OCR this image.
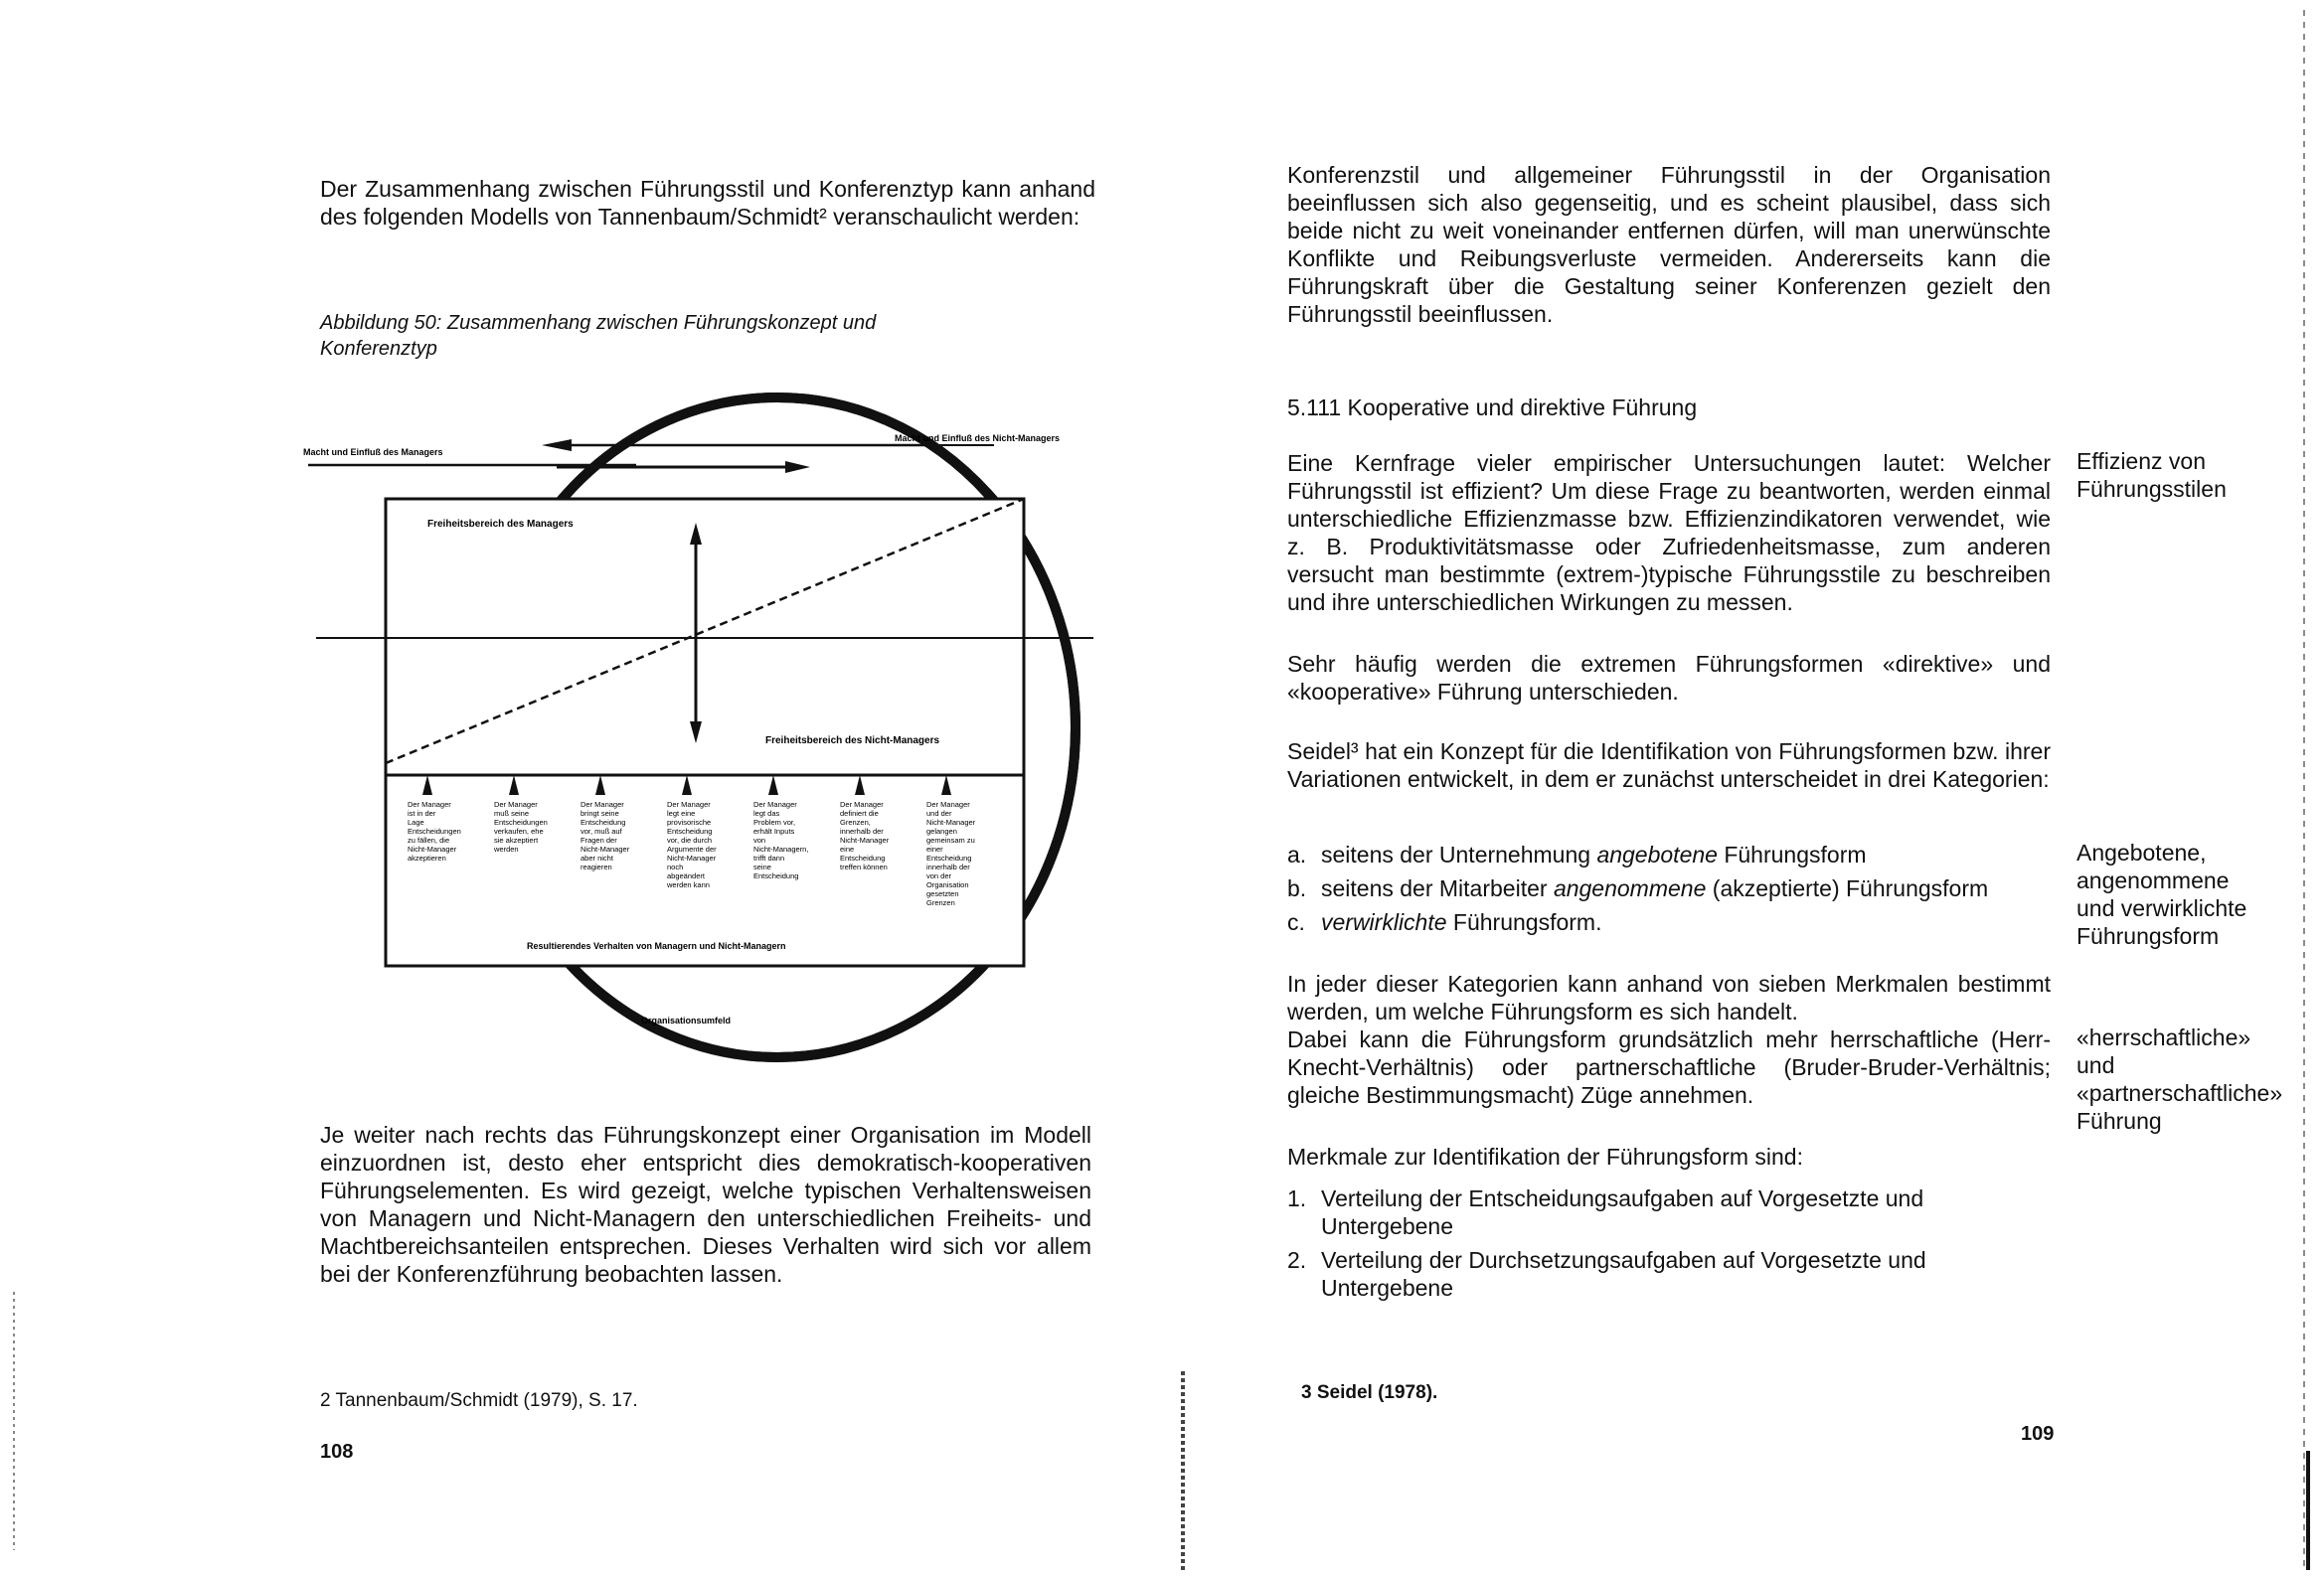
Der Zusammenhang zwischen Führungsstil und Konferenztyp kann anhand des folgenden Modells von Tannenbaum/Schmidt² veranschaulicht werden:

Abbildung 50: Zusammenhang zwischen Führungskonzept und Konferenztyp
Macht und Einfluß des Managers
Macht und Einfluß des Nicht-Managers
Freiheitsbereich des Managers
Freiheitsbereich des Nicht-Managers
Resultierendes Verhalten von Managern und Nicht-Managern
Organisationsumfeld
Der Manager ist in der Lage Entscheidungen zu fällen, die Nicht-Manager akzeptieren
Der Manager muß seine Entscheidungen verkaufen, ehe sie akzeptiert werden
Der Manager bringt seine Entscheidung vor, muß auf Fragen der Nicht-Manager aber nicht reagieren
Der Manager legt eine provisorische Entscheidung vor, die durch Argumente der Nicht-Manager noch abgeändert werden kann
Der Manager legt das Problem vor, erhält Inputs von Nicht-Managern, trifft dann seine Entscheidung
Der Manager definiert die Grenzen, innerhalb der Nicht-Manager eine Entscheidung treffen können
Der Manager und der Nicht-Manager gelangen gemeinsam zu einer Entscheidung innerhalb der von der Organisation gesetzten Grenzen

Je weiter nach rechts das Führungskonzept einer Organisation im Modell einzuordnen ist, desto eher entspricht dies demokratisch-kooperativen Führungselementen. Es wird gezeigt, welche typischen Verhaltensweisen von Managern und Nicht-Managern den unterschiedlichen Freiheits- und Machtbereichsanteilen entsprechen. Dieses Verhalten wird sich vor allem bei der Konferenzführung beobachten lassen.

2 Tannenbaum/Schmidt (1979), S. 17.
108

Konferenzstil und allgemeiner Führungsstil in der Organisation beeinflussen sich also gegenseitig, und es scheint plausibel, dass sich beide nicht zu weit voneinander entfernen dürfen, will man unerwünschte Konflikte und Reibungsverluste vermeiden. Andererseits kann die Führungskraft über die Gestaltung seiner Konferenzen gezielt den Führungsstil beeinflussen.

5.111 Kooperative und direktive Führung

Eine Kernfrage vieler empirischer Untersuchungen lautet: Welcher Führungsstil ist effizient? Um diese Frage zu beantworten, werden einmal unterschiedliche Effizienzmasse bzw. Effizienzindikatoren verwendet, wie z. B. Produktivitätsmasse oder Zufriedenheitsmasse, zum anderen versucht man bestimmte (extrem-)typische Führungsstile zu beschreiben und ihre unterschiedlichen Wirkungen zu messen.

Sehr häufig werden die extremen Führungsformen «direktive» und «kooperative» Führung unterschieden.

Seidel³ hat ein Konzept für die Identifikation von Führungsformen bzw. ihrer Variationen entwickelt, in dem er zunächst unterscheidet in drei Kategorien:

a. seitens der Unternehmung angebotene Führungsform
b. seitens der Mitarbeiter angenommene (akzeptierte) Führungsform
c. verwirklichte Führungsform.

In jeder dieser Kategorien kann anhand von sieben Merkmalen bestimmt werden, um welche Führungsform es sich handelt.

Dabei kann die Führungsform grundsätzlich mehr herrschaftliche (Herr-Knecht-Verhältnis) oder partnerschaftliche (Bruder-Bruder-Verhältnis; gleiche Bestimmungsmacht) Züge annehmen.

Merkmale zur Identifikation der Führungsform sind:

1. Verteilung der Entscheidungsaufgaben auf Vorgesetzte und Untergebene
2. Verteilung der Durchsetzungsaufgaben auf Vorgesetzte und Untergebene
Effizienz von Führungsstilen
Angebotene, angenommene und verwirklichte Führungsform
«herrschaftliche» und «partnerschaftliche» Führung
3 Seidel (1978).
109
